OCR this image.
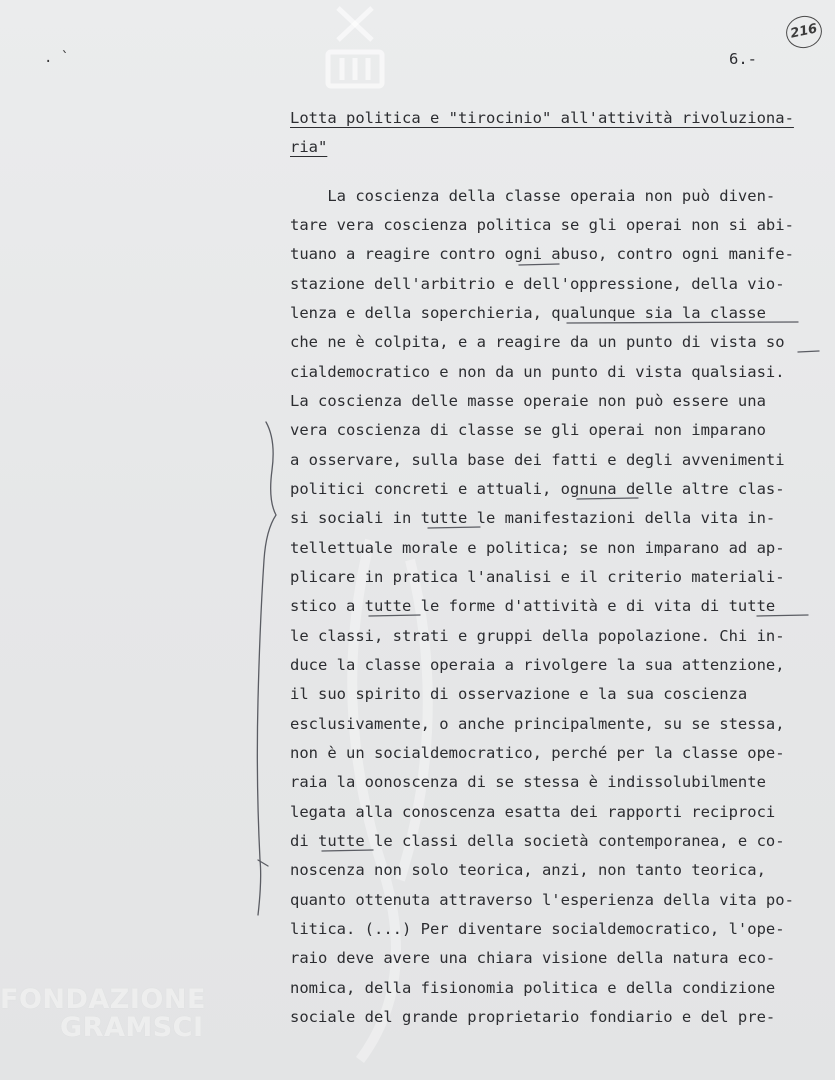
FONDAZIONE
GRAMSCI
. `	6.-
216
Lotta politica e "tirocinio" all'attività rivoluziona-
ria"
La coscienza della classe operaia non può diven-
tare vera coscienza politica se gli operai non si abi-
tuano a reagire contro ogni abuso, contro ogni manife-
stazione dell'arbitrio e dell'oppressione, della vio-
lenza e della soperchieria, qualunque sia la classe
che ne è colpita, e a reagire da un punto di vista so
cialdemocratico e non da un punto di vista qualsiasi.
La coscienza delle masse operaie non può essere una
vera coscienza di classe se gli operai non imparano
a osservare, sulla base dei fatti e degli avvenimenti
politici concreti e attuali, ognuna delle altre clas-
si sociali in tutte le manifestazioni della vita in-
tellettuale morale e politica; se non imparano ad ap-
plicare in pratica l'analisi e il criterio materiali-
stico a tutte le forme d'attività e di vita di tutte
le classi, strati e gruppi della popolazione. Chi in-
duce la classe operaia a rivolgere la sua attenzione,
il suo spirito di osservazione e la sua coscienza
esclusivamente, o anche principalmente, su se stessa,
non è un socialdemocratico, perché per la classe ope-
raia la oonoscenza di se stessa è indissolubilmente
legata alla conoscenza esatta dei rapporti reciproci
di tutte le classi della società contemporanea, e co-
noscenza non solo teorica, anzi, non tanto teorica,
quanto ottenuta attraverso l'esperienza della vita po-
litica. (...) Per diventare socialdemocratico, l'ope-
raio deve avere una chiara visione della natura eco-
nomica, della fisionomia politica e della condizione
sociale del grande proprietario fondiario e del pre-
